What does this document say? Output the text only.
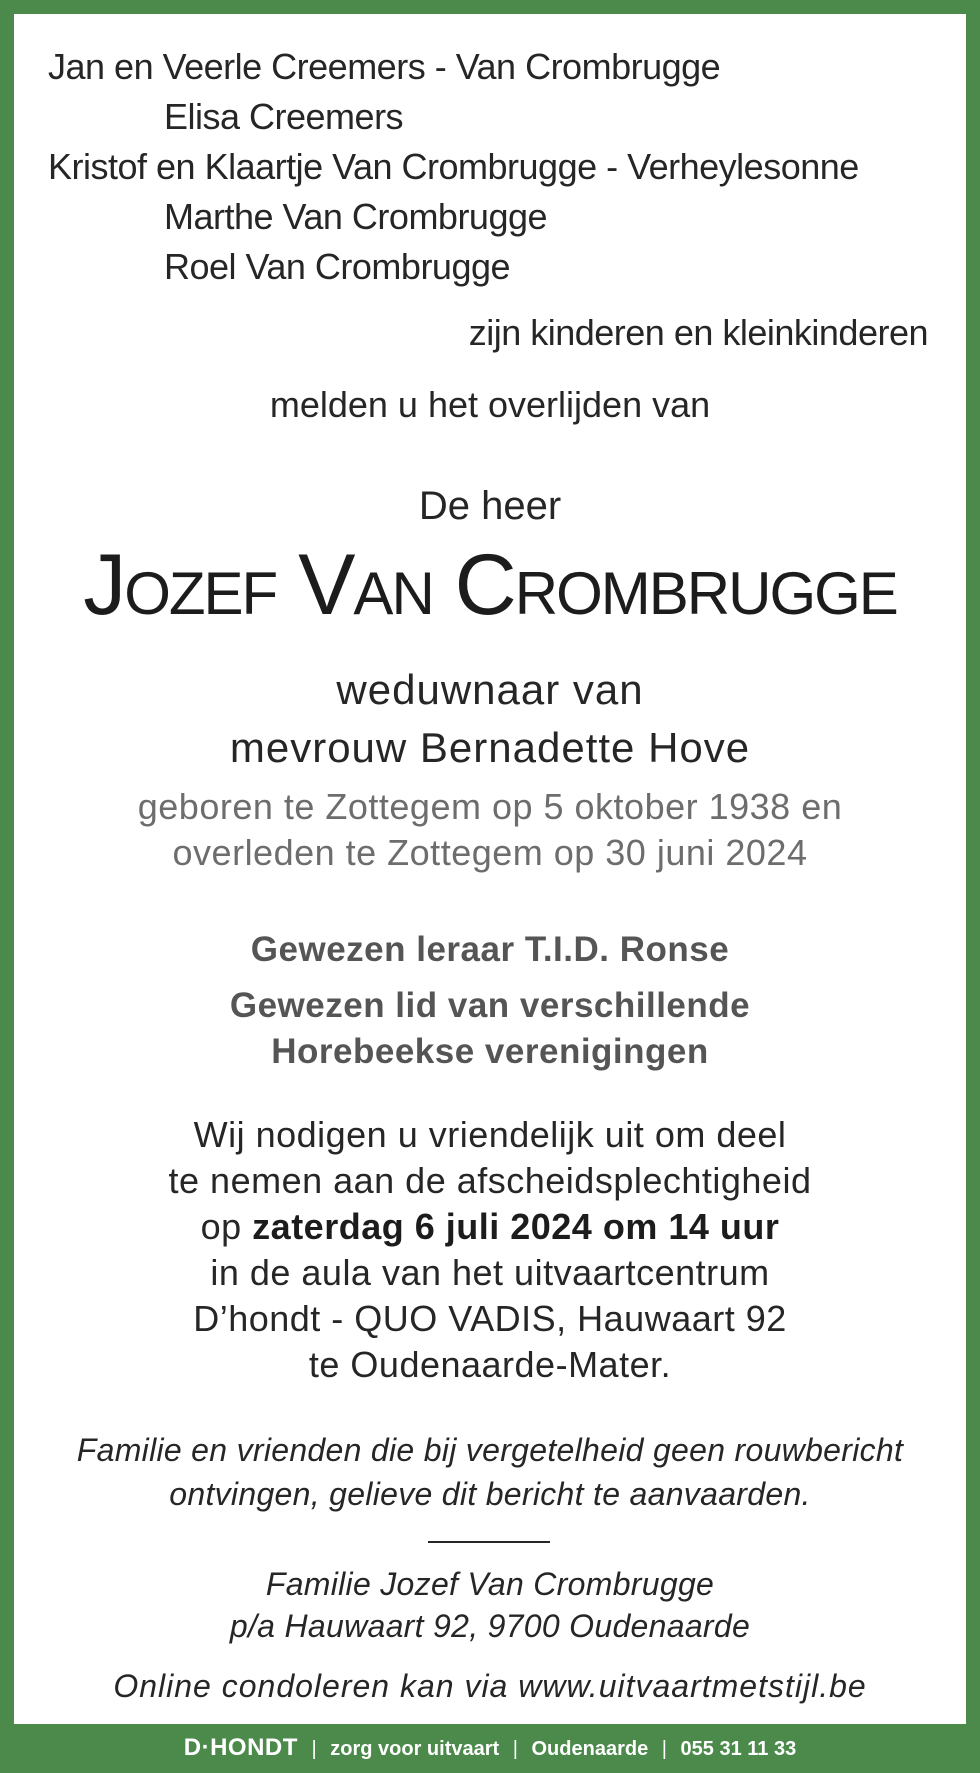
Jan en Veerle Creemers - Van Crombrugge
Elisa Creemers
Kristof en Klaartje Van Crombrugge - Verheylesonne
Marthe Van Crombrugge
Roel Van Crombrugge
zijn kinderen en kleinkinderen
melden u het overlijden van
De heer
Jozef Van Crombrugge
weduwnaar van
mevrouw Bernadette Hove
geboren te Zottegem op 5 oktober 1938 en
overleden te Zottegem op 30 juni 2024
Gewezen leraar T.I.D. Ronse
Gewezen lid van verschillende
Horebeekse verenigingen
Wij nodigen u vriendelijk uit om deel
te nemen aan de afscheidsplechtigheid
op zaterdag 6 juli 2024 om 14 uur
in de aula van het uitvaartcentrum
D’hondt - QUO VADIS, Hauwaart 92
te Oudenaarde-Mater.
Familie en vrienden die bij vergetelheid geen rouwbericht
ontvingen, gelieve dit bericht te aanvaarden.
Familie Jozef Van Crombrugge
p/a Hauwaart 92, 9700 Oudenaarde
Online condoleren kan via www.uitvaartmetstijl.be
D·HONDT | zorg voor uitvaart | Oudenaarde | 055 31 11 33
